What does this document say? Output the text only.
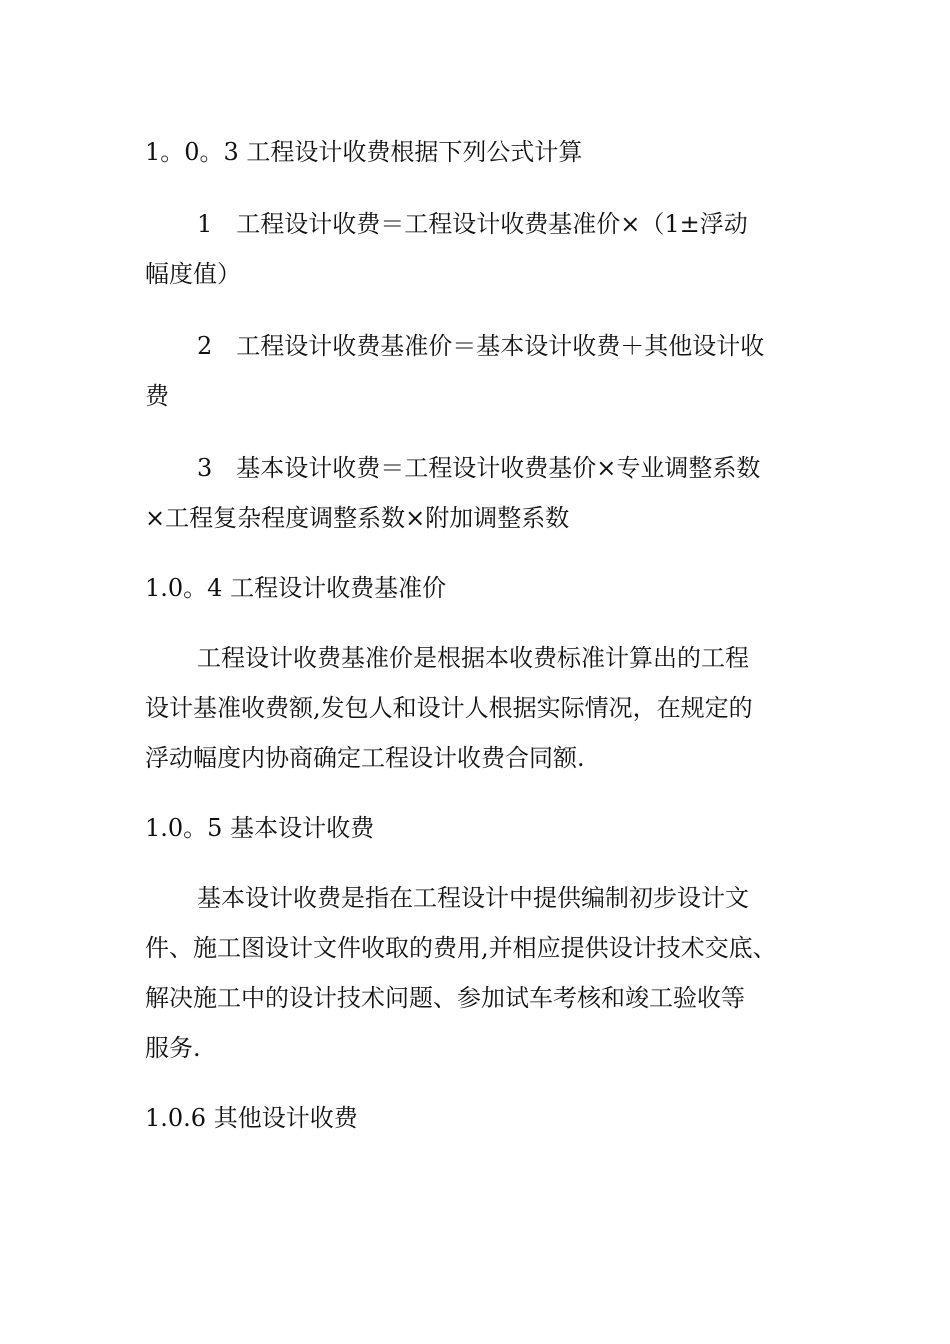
1。0。3 工程设计收费根据下列公式计算
1　工程设计收费＝工程设计收费基准价×（1±浮动
幅度值）
2　工程设计收费基准价＝基本设计收费＋其他设计收
费
3　基本设计收费＝工程设计收费基价×专业调整系数
×工程复杂程度调整系数×附加调整系数
1.0。4 工程设计收费基准价
工程设计收费基准价是根据本收费标准计算出的工程
设计基准收费额,发包人和设计人根据实际情况，在规定的
浮动幅度内协商确定工程设计收费合同额.
1.0。5 基本设计收费
基本设计收费是指在工程设计中提供编制初步设计文
件、施工图设计文件收取的费用,并相应提供设计技术交底、
解决施工中的设计技术问题、参加试车考核和竣工验收等
服务.
1.0.6 其他设计收费
